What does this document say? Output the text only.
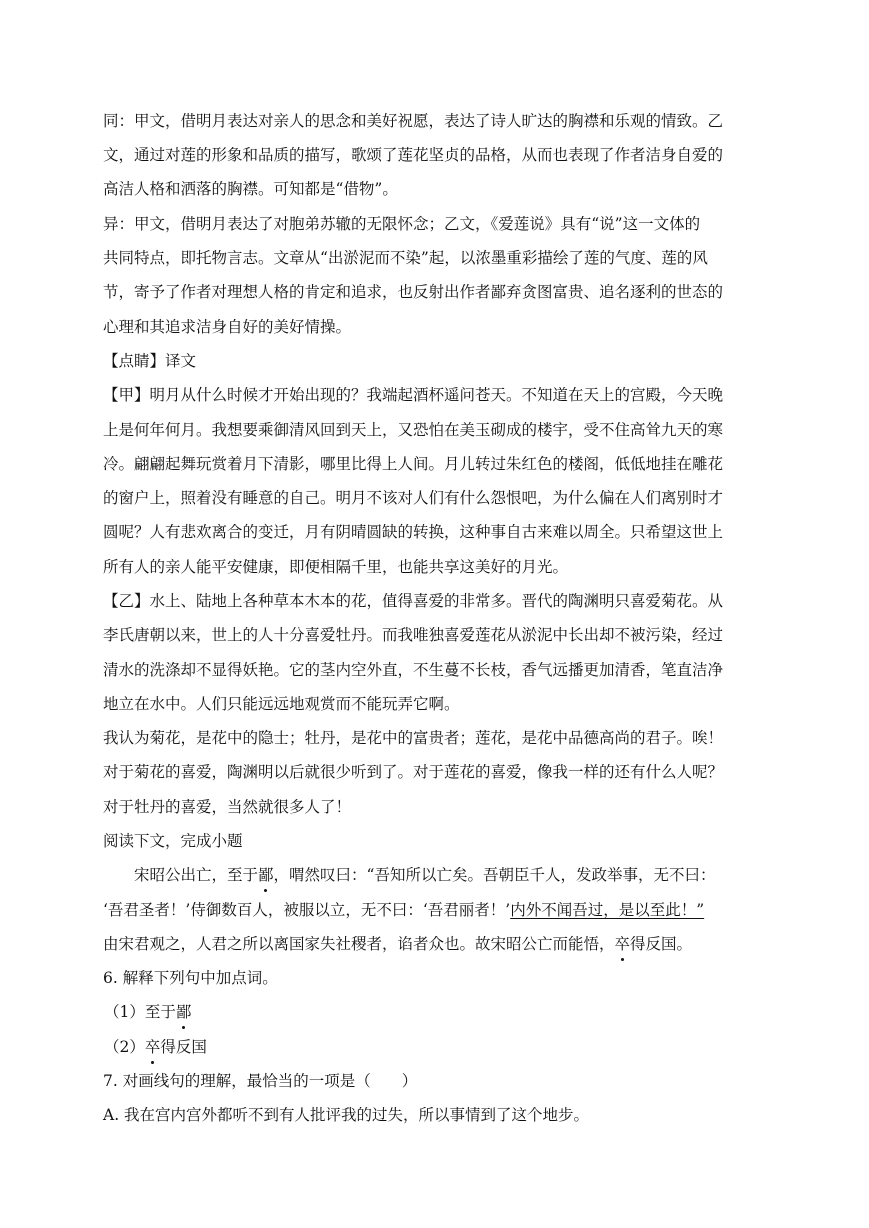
同：甲文，借明月表达对亲人的思念和美好祝愿，表达了诗人旷达的胸襟和乐观的情致。乙
文，通过对莲的形象和品质的描写，歌颂了莲花坚贞的品格，从而也表现了作者洁身自爱的
高洁人格和洒落的胸襟。可知都是“借物”。
异：甲文，借明月表达了对胞弟苏辙的无限怀念；乙文，《爱莲说》具有“说”这一文体的
共同特点，即托物言志。文章从“出淤泥而不染”起，以浓墨重彩描绘了莲的气度、莲的风
节，寄予了作者对理想人格的肯定和追求，也反射出作者鄙弃贪图富贵、追名逐利的世态的
心理和其追求洁身自好的美好情操。
【点睛】译文
【甲】明月从什么时候才开始出现的？我端起酒杯遥问苍天。不知道在天上的宫殿，今天晚
上是何年何月。我想要乘御清风回到天上，又恐怕在美玉砌成的楼宇，受不住高耸九天的寒
冷。翩翩起舞玩赏着月下清影，哪里比得上人间。月儿转过朱红色的楼阁，低低地挂在雕花
的窗户上，照着没有睡意的自己。明月不该对人们有什么怨恨吧，为什么偏在人们离别时才
圆呢？人有悲欢离合的变迁，月有阴晴圆缺的转换，这种事自古来难以周全。只希望这世上
所有人的亲人能平安健康，即便相隔千里，也能共享这美好的月光。
【乙】水上、陆地上各种草本木本的花，值得喜爱的非常多。晋代的陶渊明只喜爱菊花。从
李氏唐朝以来，世上的人十分喜爱牡丹。而我唯独喜爱莲花从淤泥中长出却不被污染，经过
清水的洗涤却不显得妖艳。它的茎内空外直，不生蔓不长枝，香气远播更加清香，笔直洁净
地立在水中。人们只能远远地观赏而不能玩弄它啊。
我认为菊花，是花中的隐士；牡丹，是花中的富贵者；莲花，是花中品德高尚的君子。唉！
对于菊花的喜爱，陶渊明以后就很少听到了。对于莲花的喜爱，像我一样的还有什么人呢？
对于牡丹的喜爱，当然就很多人了！
阅读下文，完成小题
宋昭公出亡，至于鄙，喟然叹曰：“吾知所以亡矣。吾朝臣千人，发政举事，无不曰：
‘吾君圣者！’侍御数百人，被服以立，无不曰：‘吾君丽者！’内外不闻吾过，是以至此！”
由宋君观之，人君之所以离国家失社稷者，谄者众也。故宋昭公亡而能悟，卒得反国。
6. 解释下列句中加点词。
（1）至于鄙
（2）卒得反国
7. 对画线句的理解，最恰当的一项是（　　）
A. 我在宫内宫外都听不到有人批评我的过失，所以事情到了这个地步。
